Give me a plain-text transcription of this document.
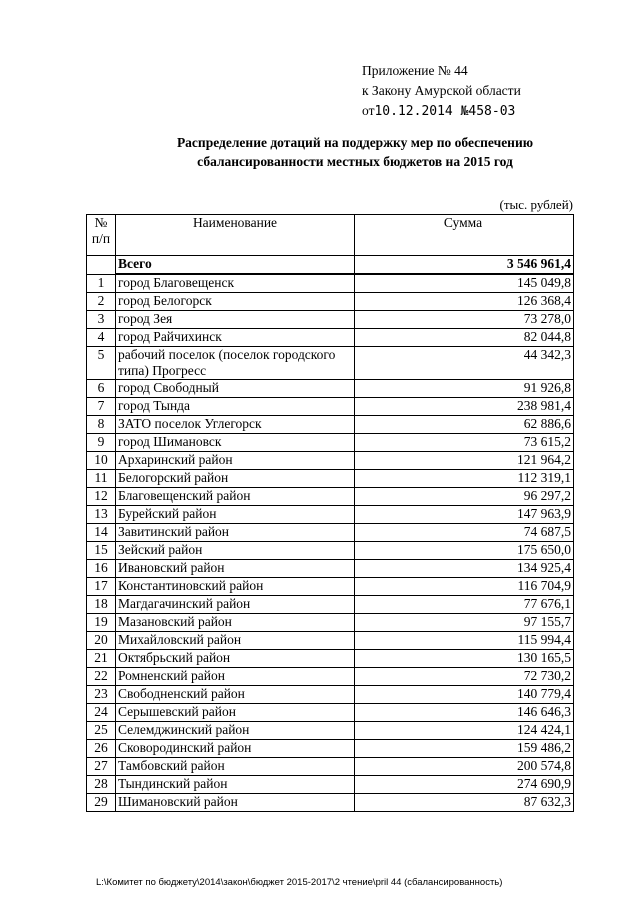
Приложение № 44
к Закону Амурской области
от10.12.2014 №458-03
Распределение дотаций на поддержку мер по обеспечению
сбалансированности местных бюджетов на 2015 год
(тыс. рублей)
№ п/п	Наименование	Сумма
	Всего	3 546 961,4
1	город Благовещенск	145 049,8
2	город Белогорск	126 368,4
3	город Зея	73 278,0
4	город Райчихинск	82 044,8
5	рабочий поселок (поселок городского типа) Прогресс	44 342,3
6	город Свободный	91 926,8
7	город Тында	238 981,4
8	ЗАТО поселок Углегорск	62 886,6
9	город Шимановск	73 615,2
10	Архаринский район	121 964,2
11	Белогорский район	112 319,1
12	Благовещенский район	96 297,2
13	Бурейский район	147 963,9
14	Завитинский район	74 687,5
15	Зейский район	175 650,0
16	Ивановский район	134 925,4
17	Константиновский район	116 704,9
18	Магдагачинский район	77 676,1
19	Мазановский район	97 155,7
20	Михайловский район	115 994,4
21	Октябрьский район	130 165,5
22	Ромненский район	72 730,2
23	Свободненский район	140 779,4
24	Серышевский район	146 646,3
25	Селемджинский район	124 424,1
26	Сковородинский район	159 486,2
27	Тамбовский район	200 574,8
28	Тындинский район	274 690,9
29	Шимановский район	87 632,3
L:\Комитет по бюджету\2014\закон\бюджет 2015-2017\2 чтение\pril 44 (сбалансированность)
